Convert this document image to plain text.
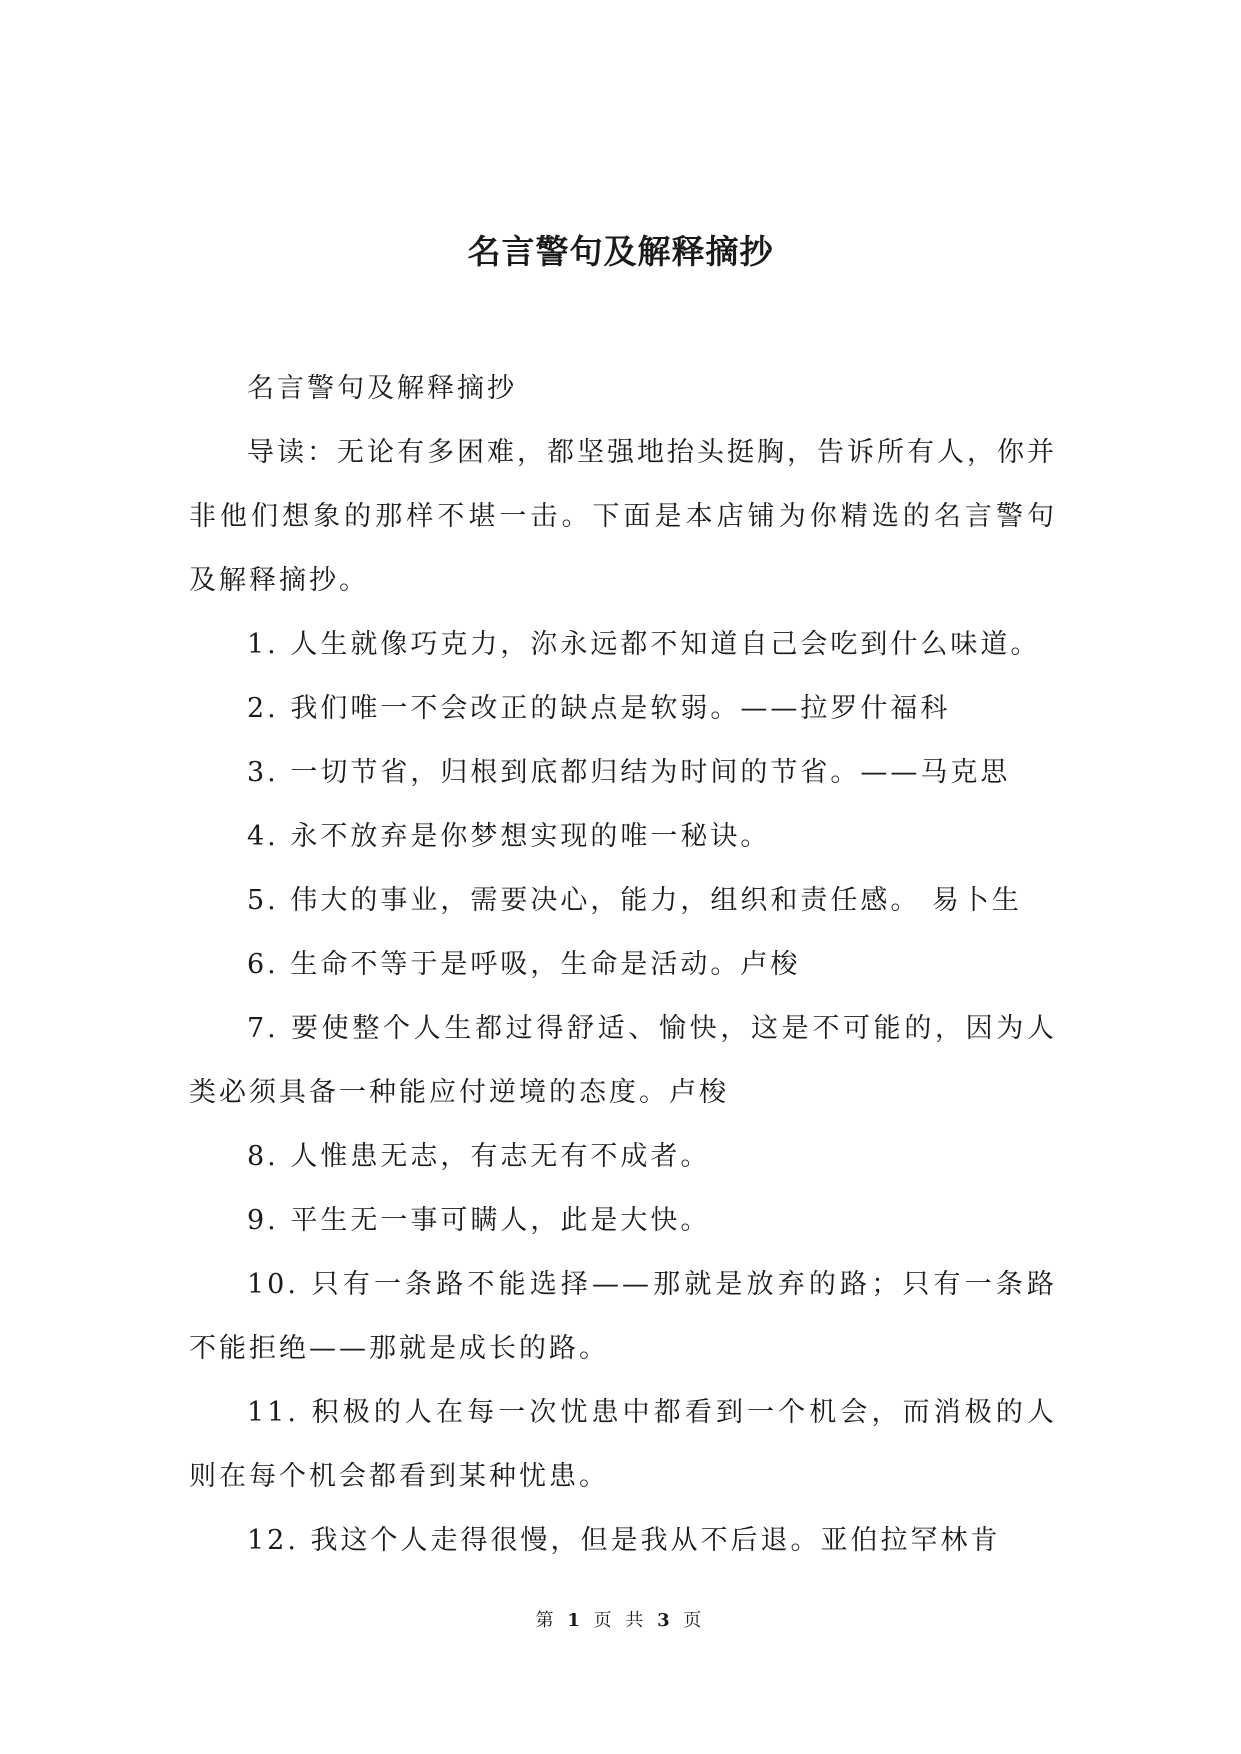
名言警句及解释摘抄

名言警句及解释摘抄

导读：无论有多困难，都坚强地抬头挺胸，告诉所有人，你并非他们想象的那样不堪一击。下面是本店铺为你精选的名言警句及解释摘抄。

1. 人生就像巧克力，沵永远都不知道自己会吃到什么味道。

2. 我们唯一不会改正的缺点是软弱。——拉罗什福科

3. 一切节省，归根到底都归结为时间的节省。——马克思

4. 永不放弃是你梦想实现的唯一秘诀。

5. 伟大的事业，需要决心，能力，组织和责任感。 易卜生

6. 生命不等于是呼吸，生命是活动。卢梭

7. 要使整个人生都过得舒适、愉快，这是不可能的，因为人类必须具备一种能应付逆境的态度。卢梭

8. 人惟患无志，有志无有不成者。

9. 平生无一事可瞒人，此是大快。

10. 只有一条路不能选择——那就是放弃的路；只有一条路不能拒绝——那就是成长的路。

11. 积极的人在每一次忧患中都看到一个机会，而消极的人则在每个机会都看到某种忧患。

12. 我这个人走得很慢，但是我从不后退。亚伯拉罕林肯

第 1 页 共 3 页
